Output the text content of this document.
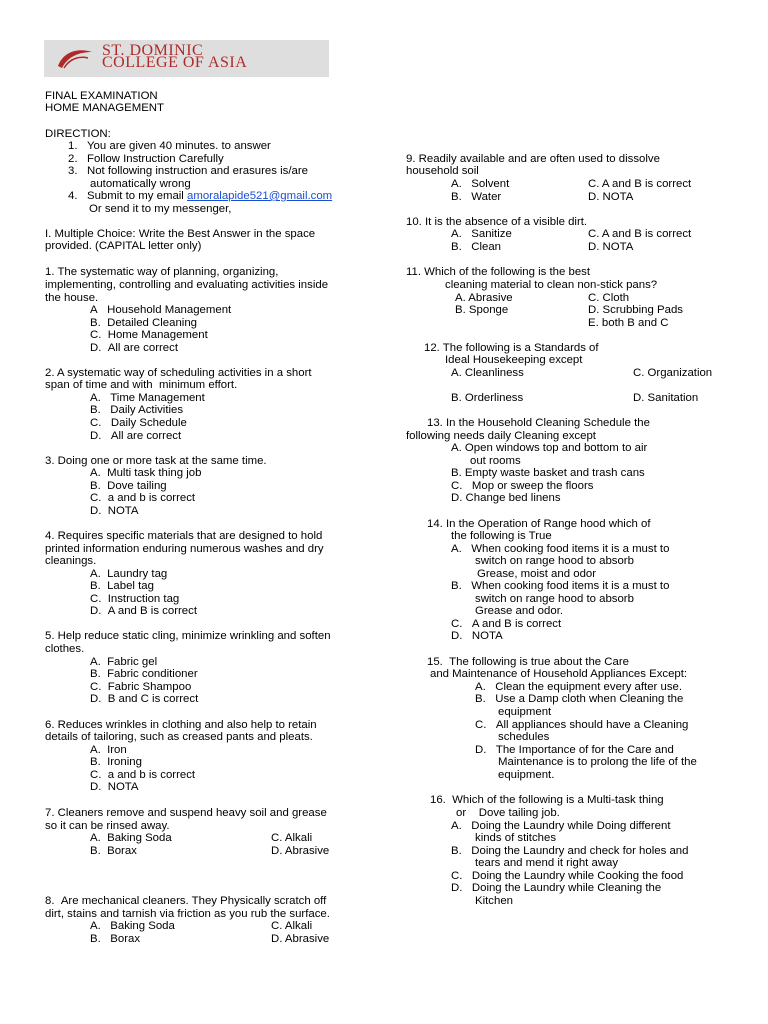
ST. DOMINIC
COLLEGE OF ASIA
FINAL EXAMINATION
HOME MANAGEMENT
DIRECTION:
1.   You are given 40 minutes. to answer
2.   Follow Instruction Carefully
3.   Not following instruction and erasures is/are
automatically wrong
4.   Submit to my email amoralapide521@gmail.com
Or send it to my messenger,
I. Multiple Choice: Write the Best Answer in the space
provided. (CAPITAL letter only)
1. The systematic way of planning, organizing,
implementing, controlling and evaluating activities inside
the house.
A   Household Management
B.  Detailed Cleaning
C.  Home Management
D.  All are correct
2. A systematic way of scheduling activities in a short
span of time and with  minimum effort.
A.   Time Management
B.   Daily Activities
C.   Daily Schedule
D.   All are correct
3. Doing one or more task at the same time.
A.  Multi task thing job
B.  Dove tailing
C.  a and b is correct
D.  NOTA
4. Requires specific materials that are designed to hold
printed information enduring numerous washes and dry
cleanings.
A.  Laundry tag
B.  Label tag
C.  Instruction tag
D.  A and B is correct
5. Help reduce static cling, minimize wrinkling and soften
clothes.
A.  Fabric gel
B.  Fabric conditioner
C.  Fabric Shampoo
D.  B and C is correct
6. Reduces wrinkles in clothing and also help to retain
details of tailoring, such as creased pants and pleats.
A.  Iron
B.  Ironing
C.  a and b is correct
D.  NOTA
7. Cleaners remove and suspend heavy soil and grease
so it can be rinsed away.
A.  Baking Soda	C. Alkali
B.  Borax	D. Abrasive
8.  Are mechanical cleaners. They Physically scratch off
dirt, stains and tarnish via friction as you rub the surface.
A.   Baking Soda	C. Alkali
B.   Borax	D. Abrasive
9. Readily available and are often used to dissolve
household soil
A.   Solvent	C. A and B is correct
B.   Water	D. NOTA
10. It is the absence of a visible dirt.
A.   Sanitize	C. A and B is correct
B.   Clean	D. NOTA
11. Which of the following is the best
cleaning material to clean non-stick pans?
A. Abrasive	C. Cloth
B. Sponge	D. Scrubbing Pads
E. both B and C
12. The following is a Standards of
Ideal Housekeeping except
A. Cleanliness	C. Organization
B. Orderliness	D. Sanitation
13. In the Household Cleaning Schedule the
following needs daily Cleaning except
A. Open windows top and bottom to air
out rooms
B. Empty waste basket and trash cans
C.   Mop or sweep the floors
D. Change bed linens
14. In the Operation of Range hood which of
the following is True
A.   When cooking food items it is a must to
switch on range hood to absorb
Grease, moist and odor
B.   When cooking food items it is a must to
switch on range hood to absorb
Grease and odor.
C.   A and B is correct
D.   NOTA
15.  The following is true about the Care
and Maintenance of Household Appliances Except:
A.   Clean the equipment every after use.
B.   Use a Damp cloth when Cleaning the
equipment
C.   All appliances should have a Cleaning
schedules
D.   The Importance of for the Care and
Maintenance is to prolong the life of the
equipment.
16.  Which of the following is a Multi-task thing
or    Dove tailing job.
A.   Doing the Laundry while Doing different
kinds of stitches
B.   Doing the Laundry and check for holes and
tears and mend it right away
C.   Doing the Laundry while Cooking the food
D.   Doing the Laundry while Cleaning the
Kitchen
